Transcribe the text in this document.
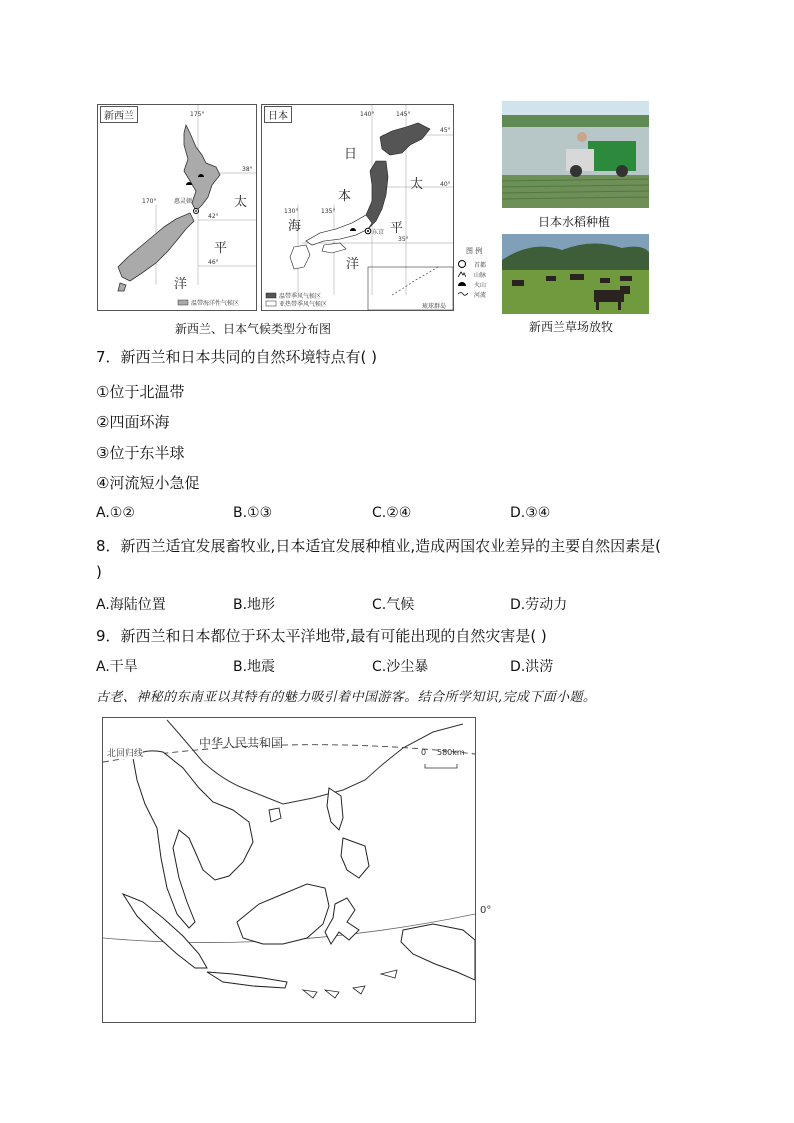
新西兰	175°
170°
38°
42°
46°
惠灵顿	太
平
洋
温带海洋性气候区
日本	140°	145°
130°	135°
45°
40°
35°
日
本
太
海	平
洋
东京
温带季风气候区
亚热带季风气候区	琉球群岛
新西兰、日本气候类型分布图
图 例
首都
山脉
火山
河流
日本水稻种植
新西兰草场放牧
7．新西兰和日本共同的自然环境特点有( )
①位于北温带
②四面环海
③位于东半球
④河流短小急促
A.①②	B.①③	C.②④	D.③④
8．新西兰适宜发展畜牧业,日本适宜发展种植业,造成两国农业差异的主要自然因素是(
)
A.海陆位置	B.地形	C.气候	D.劳动力
9．新西兰和日本都位于环太平洋地带,最有可能出现的自然灾害是( )
A.干旱	B.地震	C.沙尘暴	D.洪涝
古老、神秘的东南亚以其特有的魅力吸引着中国游客。结合所学知识,完成下面小题。
中华人民共和国
北回归线	0 580km
0°
